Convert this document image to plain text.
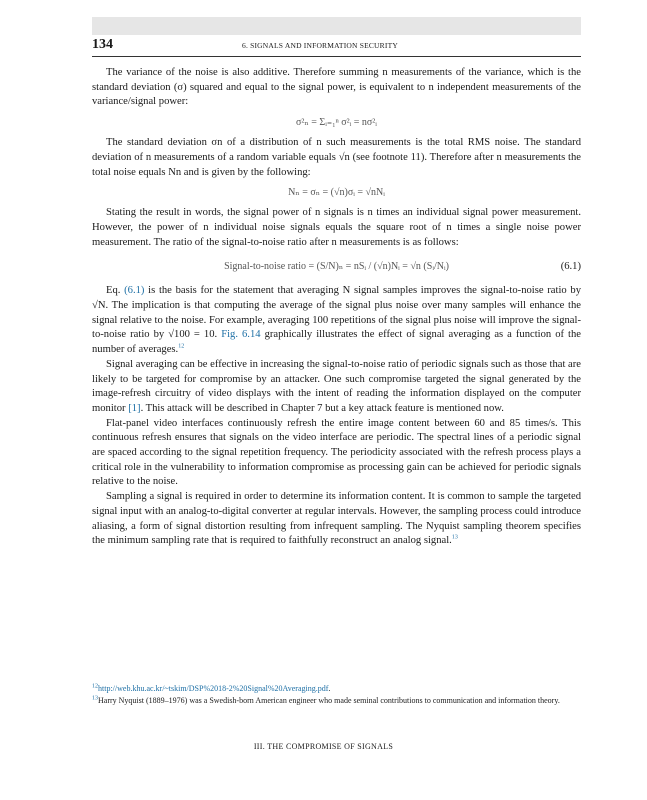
134	6. SIGNALS AND INFORMATION SECURITY

The variance of the noise is also additive. Therefore summing n measurements of the variance, which is the standard deviation (σ) squared and equal to the signal power, is equivalent to n independent measurements of the variance/signal power:

σ²ₙ = Σᵢ₌₁ⁿ σ²ᵢ = nσ²ᵢ

The standard deviation σn of a distribution of n such measurements is the total RMS noise. The standard deviation of n measurements of a random variable equals √n (see footnote 11). Therefore after n measurements the total noise equals Nn and is given by the following:

Nₙ = σₙ = (√n)σᵢ = √nNᵢ

Stating the result in words, the signal power of n signals is n times an individual signal power measurement. However, the power of n individual noise signals equals the square root of n times a single noise power measurement. The ratio of the signal-to-noise ratio after n measurements is as follows:

Signal-to-noise ratio = (S/N)ₙ = nSᵢ / (√n)Nᵢ = √n (Sᵢ/Nᵢ)	(6.1)

Eq. (6.1) is the basis for the statement that averaging N signal samples improves the signal-to-noise ratio by √N. The implication is that computing the average of the signal plus noise over many samples will enhance the signal relative to the noise. For example, averaging 100 repetitions of the signal plus noise will improve the signal-to-noise ratio by √100 = 10. Fig. 6.14 graphically illustrates the effect of signal averaging as a function of the number of averages.$^{12}$

Signal averaging can be effective in increasing the signal-to-noise ratio of periodic signals such as those that are likely to be targeted for compromise by an attacker. One such compromise targeted the signal generated by the image-refresh circuitry of video displays with the intent of reading the information displayed on the computer monitor [1]. This attack will be described in Chapter 7 but a key attack feature is mentioned now.

Flat-panel video interfaces continuously refresh the entire image content between 60 and 85 times/s. This continuous refresh ensures that signals on the video interface are periodic. The spectral lines of a periodic signal are spaced according to the signal repetition frequency. The periodicity associated with the refresh process plays a critical role in the vulnerability to information compromise as processing gain can be achieved for periodic signals relative to the noise.

Sampling a signal is required in order to determine its information content. It is common to sample the targeted signal input with an analog-to-digital converter at regular intervals. However, the sampling process could introduce aliasing, a form of signal distortion resulting from infrequent sampling. The Nyquist sampling theorem specifies the minimum sampling rate that is required to faithfully reconstruct an analog signal.$^{13}$

$^{12}$http://web.khu.ac.kr/~tskim/DSP%2018-2%20Signal%20Averaging.pdf.

$^{13}$Harry Nyquist (1889–1976) was a Swedish-born American engineer who made seminal contributions to communication and information theory.

III. THE COMPROMISE OF SIGNALS
